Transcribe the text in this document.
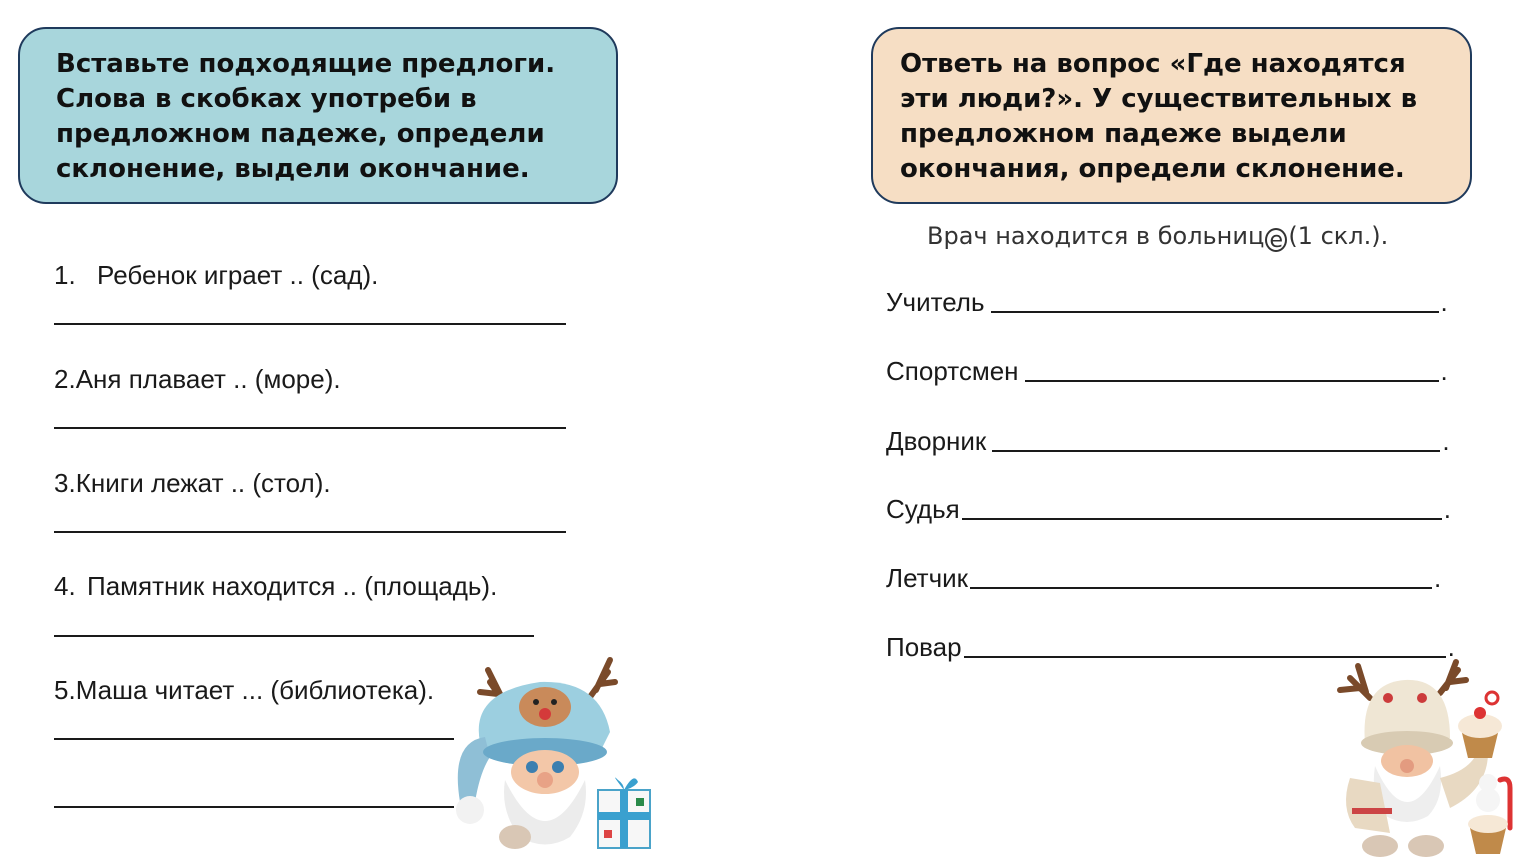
Вставьте подходящие предлоги.
Слова в скобках употреби в
предложном падеже, определи
склонение, выдели окончание.
Ответь на вопрос «Где находятся
эти люди?». У существительных в
предложном падеже выдели
окончания, определи склонение.
1. Ребенок играет .. (сад).
2.Аня плавает .. (море).
3.Книги лежат .. (стол).
4. Памятник находится .. (площадь).
5.Маша читает ... (библиотека).
Врач находится в больниц е (1 скл.).
Учитель	.
Спортсмен	.
Дворник	.
Судья	.
Летчик	.
Повар	.
